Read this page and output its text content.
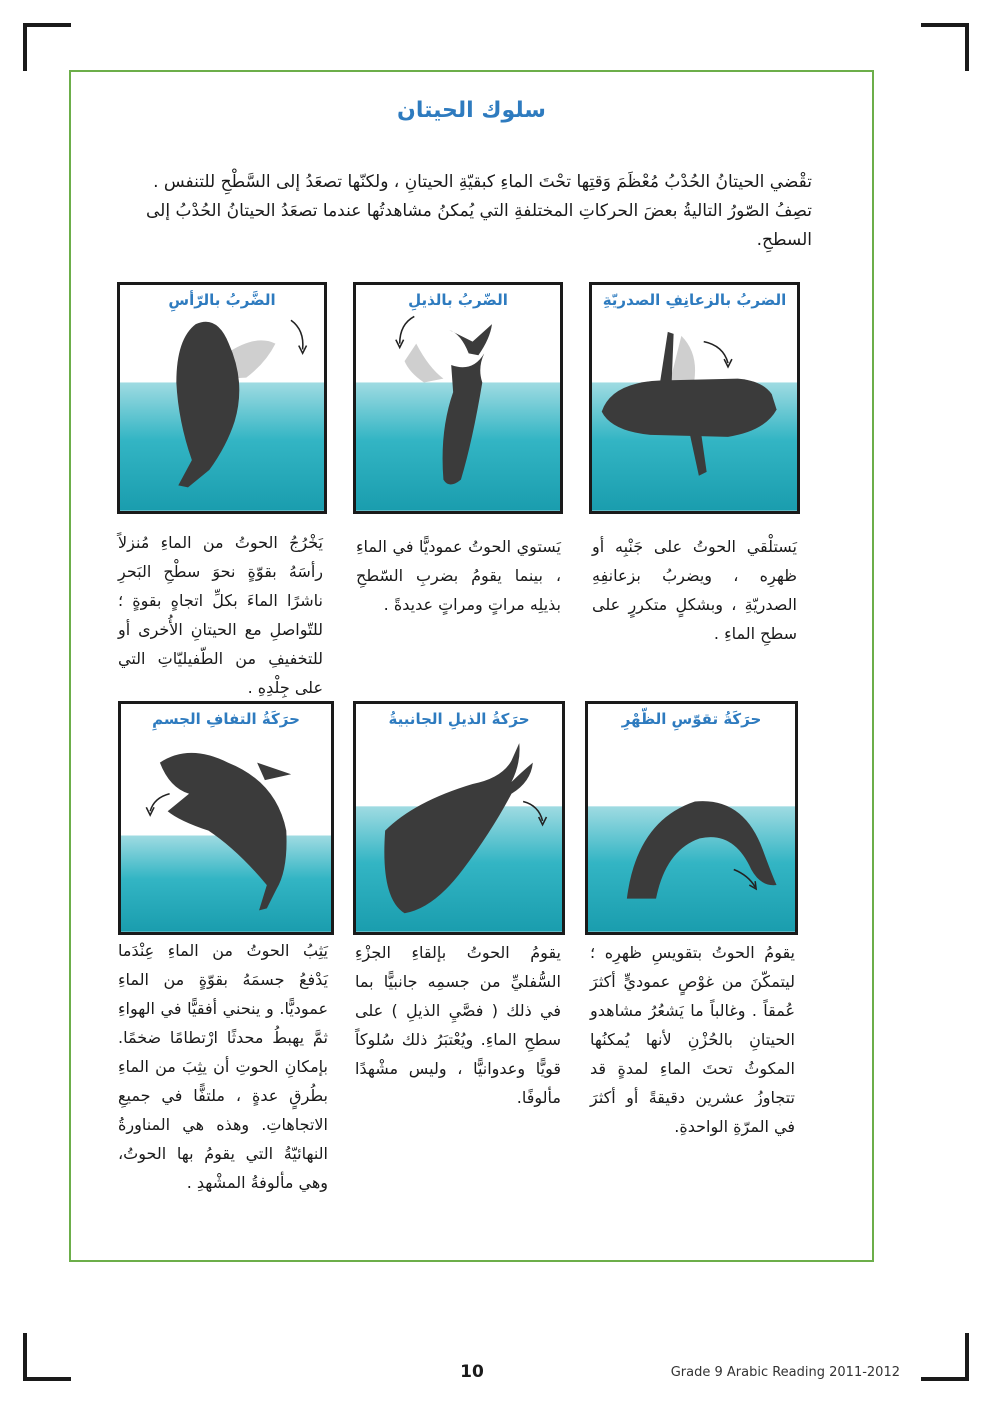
سلوك الحيتان

تقْضي الحيتانُ الحُدْبُ مُعْظَمَ وَقتِها تحْتَ الماءِ كبقيّةِ الحيتانِ ، ولكنّها تصعَدُ إلى السَّطْحِ للتنفس .

تصِفُ الصّورُ التاليةُ بعضَ الحركاتِ المختلفةِ التي يُمكنُ مشاهدتُها عندما تصعَدُ الحيتانُ الحُدْبُ إلى السطحِ.

الضربُ بالزعانِفِ الصدريّةِ
الضّربُ بالذيلِ
الضَّربُ بالرّأسِ
يَستلْقي الحوتُ على جَنْبِه أو ظهرِه ، ويضربُ بزعانفِهِ الصدريّةِ ، وبشكلٍ متكررٍ على سطحِ الماءِ .
يَستوي الحوتُ عموديًّا في الماءِ ، بينما يقومُ بضربِ السّطحِ بذيلِه مراتٍ ومراتٍ عديدةً .
يَخْرُجُ الحوتُ من الماءِ مُنزلاً رأسَهُ بقوّةٍ نحوَ سطْحِ البَحرِ ناشرًا الماءَ بكلِّ اتجاهٍ بقوةٍ ؛ للتّواصلِ مع الحيتانِ الأُخرى أو للتخفيفِ من الطّفيليّاتِ التي على جِلْدِهِ .
حرَكَةُ تقوّسِ الظّهْرِ
حرَكةُ الذيلِ الجانبيةُ
حرَكَةُ التفافِ الجسمِ
يقومُ الحوتُ بتقويسِ ظهرِه ؛ ليتمكّنَ من غوْصٍ عموديٍّ أكثرَ عُمقاً . وغالباً ما يَشعُرُ مشاهدو الحيتانِ بالحُزْنِ لأنها يُمكنُها المكوثُ تحتَ الماءِ لمدةٍ قد تتجاوزُ عشرين دقيقةً أو أكثرَ في المرّةِ الواحدةِ.
يقومُ الحوتُ بإلقاءِ الجزْءِ السُّفليِّ من جسمِه جانبيًّا بما في ذلك ( فصَّيِ الذيلِ ) على سطحِ الماءِ. ويُعْتبَرُ ذلك سُلوكاً قويًّا وعدوانيًّا ، وليس مشْهدًا مألوفًا.
يَثِبُ الحوتُ من الماءِ عِنْدَما يَدْفعُ جسمَهُ بقوّةٍ من الماءِ عموديًّا. و ينحني أفقيًّا في الهواءِ ثمَّ يهبطُ محدثًا ارْتطامًا ضخمًا. بإمكانِ الحوتِ أن يثِبَ من الماءِ بطُرقٍ عدةٍ ، ملتفًّا في جميعِ الاتجاهاتِ. وهذه هي المناورةُ النهائيّةُ التي يقومُ بها الحوتُ، وهي مألوفةُ المشْهدِ .
10	Grade 9 Arabic Reading 2011-2012
